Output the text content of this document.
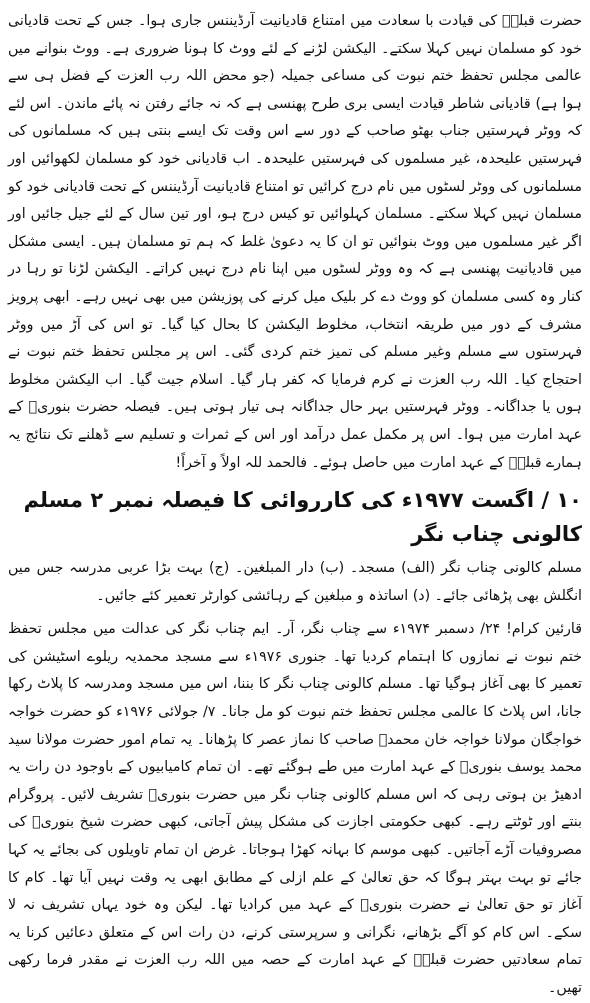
حضرت قبلہؒ کی قیادت با سعادت میں امتناع قادیانیت آرڈیننس جاری ہوا۔ جس کے تحت قادیانی خود کو مسلمان نہیں کہلا سکتے۔ الیکشن لڑنے کے لئے ووٹ کا ہونا ضروری ہے۔ ووٹ بنوانے میں عالمی مجلس تحفظ ختم نبوت کی مساعی جمیلہ (جو محض اللہ رب العزت کے فضل ہی سے ہوا ہے) قادیانی شاطر قیادت ایسی بری طرح پھنسی ہے کہ نہ جائے رفتن نہ پائے ماندن۔ اس لئے کہ ووٹر فہرستیں جناب بھٹو صاحب کے دور سے اس وقت تک ایسے بنتی ہیں کہ مسلمانوں کی فہرستیں علیحدہ، غیر مسلموں کی فہرستیں علیحدہ۔ اب قادیانی خود کو مسلمان لکھوائیں اور مسلمانوں کی ووٹر لسٹوں میں نام درج کرائیں تو امتناع قادیانیت آرڈیننس کے تحت قادیانی خود کو مسلمان نہیں کہلا سکتے۔ مسلمان کہلوائیں تو کیس درج ہو، اور تین سال کے لئے جیل جائیں اور اگر غیر مسلموں میں ووٹ بنوائیں تو ان کا یہ دعویٰ غلط کہ ہم تو مسلمان ہیں۔ ایسی مشکل میں قادیانیت پھنسی ہے کہ وہ ووٹر لسٹوں میں اپنا نام درج نہیں کراتے۔ الیکشن لڑنا تو رہا در کنار وہ کسی مسلمان کو ووٹ دے کر بلیک میل کرنے کی پوزیشن میں بھی نہیں رہے۔ ابھی پرویز مشرف کے دور میں طریقہ انتخاب، مخلوط الیکشن کا بحال کیا گیا۔ تو اس کی آڑ میں ووٹر فہرستوں سے مسلم وغیر مسلم کی تمیز ختم کردی گئی۔ اس پر مجلس تحفظ ختم نبوت نے احتجاج کیا۔ اللہ رب العزت نے کرم فرمایا کہ کفر ہار گیا۔ اسلام جیت گیا۔ اب الیکشن مخلوط ہوں یا جداگانہ۔ ووٹر فہرستیں بہر حال جداگانہ ہی تیار ہوتی ہیں۔ فیصلہ حضرت بنوریؒ کے عہد امارت میں ہوا۔ اس پر مکمل عمل درآمد اور اس کے ثمرات و تسلیم سے ڈھلنے تک نتائج یہ ہمارے قبلہؒ کے عہد امارت میں حاصل ہوئے۔ فالحمد للہ اولاً و آخراً!

۱۰ / اگست ۱۹۷۷ء کی کارروائی کا فیصلہ نمبر ۲ مسلم کالونی چناب نگر

مسلم کالونی چناب نگر (الف) مسجد۔ (ب) دار المبلغین۔ (ج) بہت بڑا عربی مدرسہ جس میں انگلش بھی پڑھائی جائے۔ (د) اساتذہ و مبلغین کے رہائشی کوارٹر تعمیر کئے جائیں۔

قارئین کرام! ۲۴/ دسمبر ۱۹۷۴ء سے چناب نگر، آر۔ ایم چناب نگر کی عدالت میں مجلس تحفظ ختم نبوت نے نمازوں کا اہتمام کردیا تھا۔ جنوری ۱۹۷۶ء سے مسجد محمدیہ ریلوے اسٹیشن کی تعمیر کا بھی آغاز ہوگیا تھا۔ مسلم کالونی چناب نگر کا بننا، اس میں مسجد ومدرسہ کا پلاٹ رکھا جانا، اس پلاٹ کا عالمی مجلس تحفظ ختم نبوت کو مل جانا۔ ۷/ جولائی ۱۹۷۶ء کو حضرت خواجہ خواجگان مولانا خواجہ خان محمدؒ صاحب کا نماز عصر کا پڑھانا۔ یہ تمام امور حضرت مولانا سید محمد یوسف بنوریؒ کے عہد امارت میں طے ہوگئے تھے۔ ان تمام کامیابیوں کے باوجود دن رات یہ ادھیڑ بن ہوتی رہی کہ اس مسلم کالونی چناب نگر میں حضرت بنوریؒ تشریف لائیں۔ پروگرام بنتے اور ٹوٹتے رہے۔ کبھی حکومتی اجازت کی مشکل پیش آجاتی، کبھی حضرت شیخ بنوریؒ کی مصروفیات آڑے آجاتیں۔ کبھی موسم کا بہانہ کھڑا ہوجاتا۔ غرض ان تمام تاویلوں کی بجائے یہ کہا جائے تو بہت بہتر ہوگا کہ حق تعالیٰ کے علم ازلی کے مطابق ابھی یہ وقت نہیں آیا تھا۔ کام کا آغاز تو حق تعالیٰ نے حضرت بنوریؒ کے عہد میں کرادیا تھا۔ لیکن وہ خود یہاں تشریف نہ لا سکے۔ اس کام کو آگے بڑھانے، نگرانی و سرپرستی کرنے، دن رات اس کے متعلق دعائیں کرنا یہ تمام سعادتیں حضرت قبلہؒ کے عہد امارت کے حصہ میں اللہ رب العزت نے مقدر فرما رکھی تھیں۔
